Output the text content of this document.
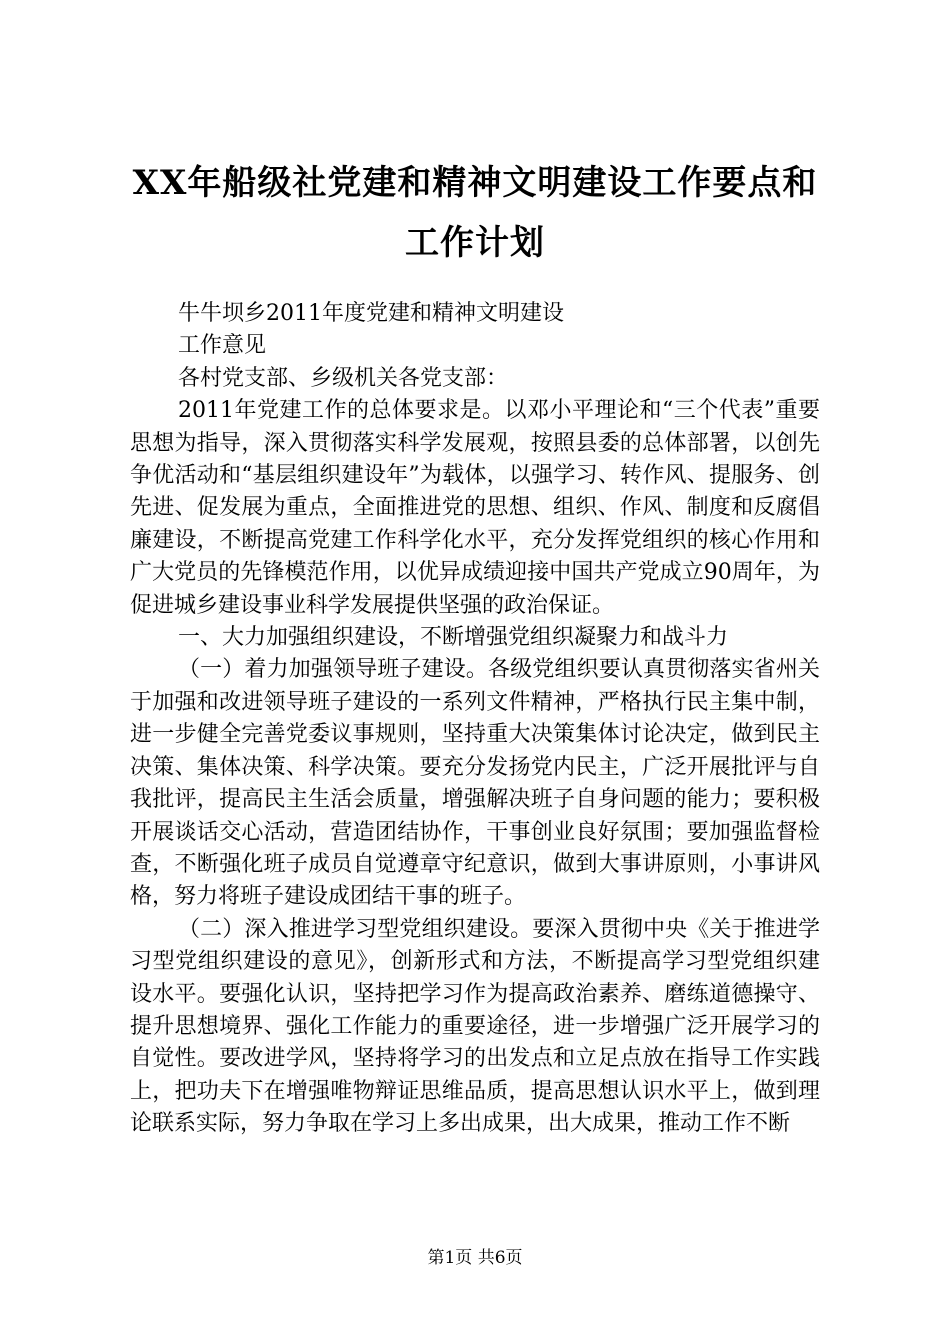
XX年船级社党建和精神文明建设工作要点和
工作计划

牛牛坝乡2011年度党建和精神文明建设

工作意见

各村党支部、乡级机关各党支部：

2011年党建工作的总体要求是。以邓小平理论和“三个代表”重要思想为指导，深入贯彻落实科学发展观，按照县委的总体部署，以创先争优活动和“基层组织建设年”为载体，以强学习、转作风、提服务、创先进、促发展为重点，全面推进党的思想、组织、作风、制度和反腐倡廉建设，不断提高党建工作科学化水平，充分发挥党组织的核心作用和广大党员的先锋模范作用，以优异成绩迎接中国共产党成立90周年，为促进城乡建设事业科学发展提供坚强的政治保证。

一、大力加强组织建设，不断增强党组织凝聚力和战斗力

（一）着力加强领导班子建设。各级党组织要认真贯彻落实省州关于加强和改进领导班子建设的一系列文件精神，严格执行民主集中制，进一步健全完善党委议事规则，坚持重大决策集体讨论决定，做到民主决策、集体决策、科学决策。要充分发扬党内民主，广泛开展批评与自我批评，提高民主生活会质量，增强解决班子自身问题的能力；要积极开展谈话交心活动，营造团结协作，干事创业良好氛围；要加强监督检查，不断强化班子成员自觉遵章守纪意识，做到大事讲原则，小事讲风格，努力将班子建设成团结干事的班子。

（二）深入推进学习型党组织建设。要深入贯彻中央《关于推进学习型党组织建设的意见》，创新形式和方法，不断提高学习型党组织建设水平。要强化认识，坚持把学习作为提高政治素养、磨练道德操守、提升思想境界、强化工作能力的重要途径，进一步增强广泛开展学习的自觉性。要改进学风，坚持将学习的出发点和立足点放在指导工作实践上，把功夫下在增强唯物辩证思维品质，提高思想认识水平上，做到理论联系实际，努力争取在学习上多出成果，出大成果，推动工作不断

第1页 共6页
